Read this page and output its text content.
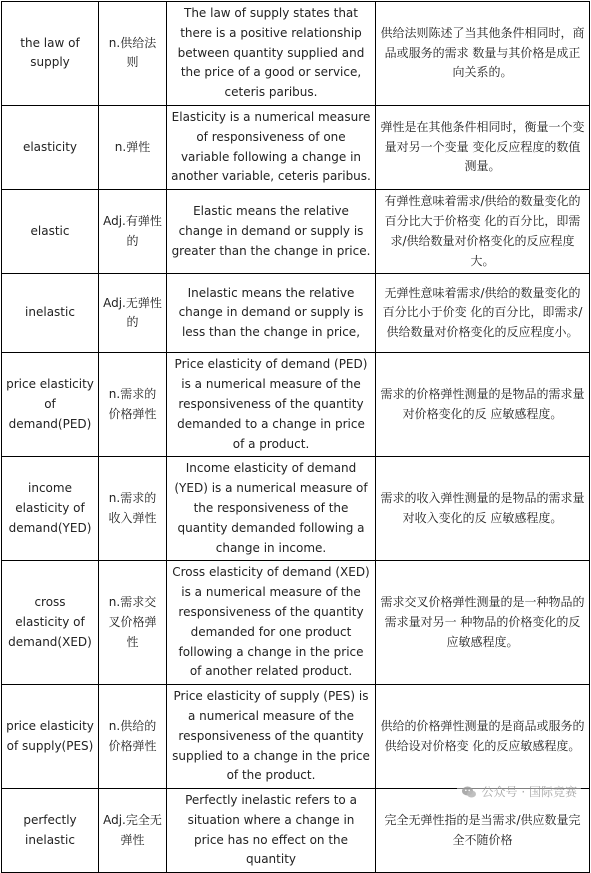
the law of supply	n.供给法则	The law of supply states that there is a positive relationship between quantity supplied and the price of a good or service, ceteris paribus.	供给法则陈述了当其他条件相同时，商品或服务的需求 数量与其价格是成正向关系的。
elasticity	n.弹性	Elasticity is a numerical measure of responsiveness of one variable following a change in another variable, ceteris paribus.	弹性是在其他条件相同时，衡量一个变量对另一个变量 变化反应程度的数值测量。
elastic	Adj.有弹性的	Elastic means the relative change in demand or supply is greater than the change in price.	有弹性意味着需求/供给的数量变化的百分比大于价格变 化的百分比，即需求/供给数量对价格变化的反应程度大。
inelastic	Adj.无弹性的	Inelastic means the relative change in demand or supply is less than the change in price,	无弹性意味着需求/供给的数量变化的百分比小于价变 化的百分比，即需求/供给数量对价格变化的反应程度小。
price elasticity of demand(PED)	n.需求的价格弹性	Price elasticity of demand (PED) is a numerical measure of the responsiveness of the quantity demanded to a change in price of a product.	需求的价格弹性测量的是物品的需求量对价格变化的反 应敏感程度。
income elasticity of demand(YED)	n.需求的收入弹性	Income elasticity of demand (YED) is a numerical measure of the responsiveness of the quantity demanded following a change in income.	需求的收入弹性测量的是物品的需求量对收入变化的反 应敏感程度。
cross elasticity of demand(XED)	n.需求交叉价格弹性	Cross elasticity of demand (XED) is a numerical measure of the responsiveness of the quantity demanded for one product following a change in the price of another related product.	需求交叉价格弹性测量的是一种物品的需求量对另一 种物品的价格变化的反应敏感程度。
price elasticity of supply(PES)	n.供给的价格弹性	Price elasticity of supply (PES) is a numerical measure of the responsiveness of the quantity supplied to a change in the price of the product.	供给的价格弹性测量的是商品或服务的供给设对价格变 化的反应敏感程度。
perfectly inelastic	Adj.完全无弹性	Perfectly inelastic refers to a situation where a change in price has no effect on the quantity	完全无弹性指的是当需求/供应数量完全不随价格
公众号 · 国际竞赛
